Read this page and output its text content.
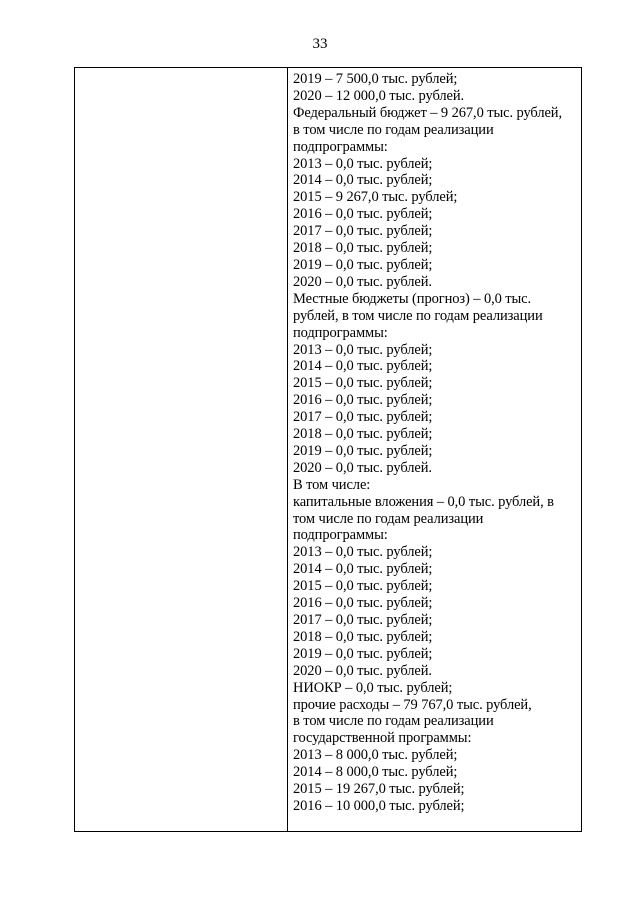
33
2019 – 7 500,0 тыс. рублей;
2020 – 12 000,0 тыс. рублей.
Федеральный бюджет – 9 267,0 тыс. рублей,
в том числе по годам реализации
подпрограммы:
2013 – 0,0 тыс. рублей;
2014 – 0,0 тыс. рублей;
2015 – 9 267,0 тыс. рублей;
2016 – 0,0 тыс. рублей;
2017 – 0,0 тыс. рублей;
2018 – 0,0 тыс. рублей;
2019 – 0,0 тыс. рублей;
2020 – 0,0 тыс. рублей.
Местные бюджеты (прогноз) – 0,0 тыс.
рублей, в том числе по годам реализации
подпрограммы:
2013 – 0,0 тыс. рублей;
2014 – 0,0 тыс. рублей;
2015 – 0,0 тыс. рублей;
2016 – 0,0 тыс. рублей;
2017 – 0,0 тыс. рублей;
2018 – 0,0 тыс. рублей;
2019 – 0,0 тыс. рублей;
2020 – 0,0 тыс. рублей.
В том числе:
капитальные вложения – 0,0 тыс. рублей, в
том числе по годам реализации
подпрограммы:
2013 – 0,0 тыс. рублей;
2014 – 0,0 тыс. рублей;
2015 – 0,0 тыс. рублей;
2016 – 0,0 тыс. рублей;
2017 – 0,0 тыс. рублей;
2018 – 0,0 тыс. рублей;
2019 – 0,0 тыс. рублей;
2020 – 0,0 тыс. рублей.
НИОКР – 0,0 тыс. рублей;
прочие расходы – 79 767,0 тыс. рублей,
в том числе по годам реализации
государственной программы:
2013 – 8 000,0 тыс. рублей;
2014 – 8 000,0 тыс. рублей;
2015 – 19 267,0 тыс. рублей;
2016 – 10 000,0 тыс. рублей;
